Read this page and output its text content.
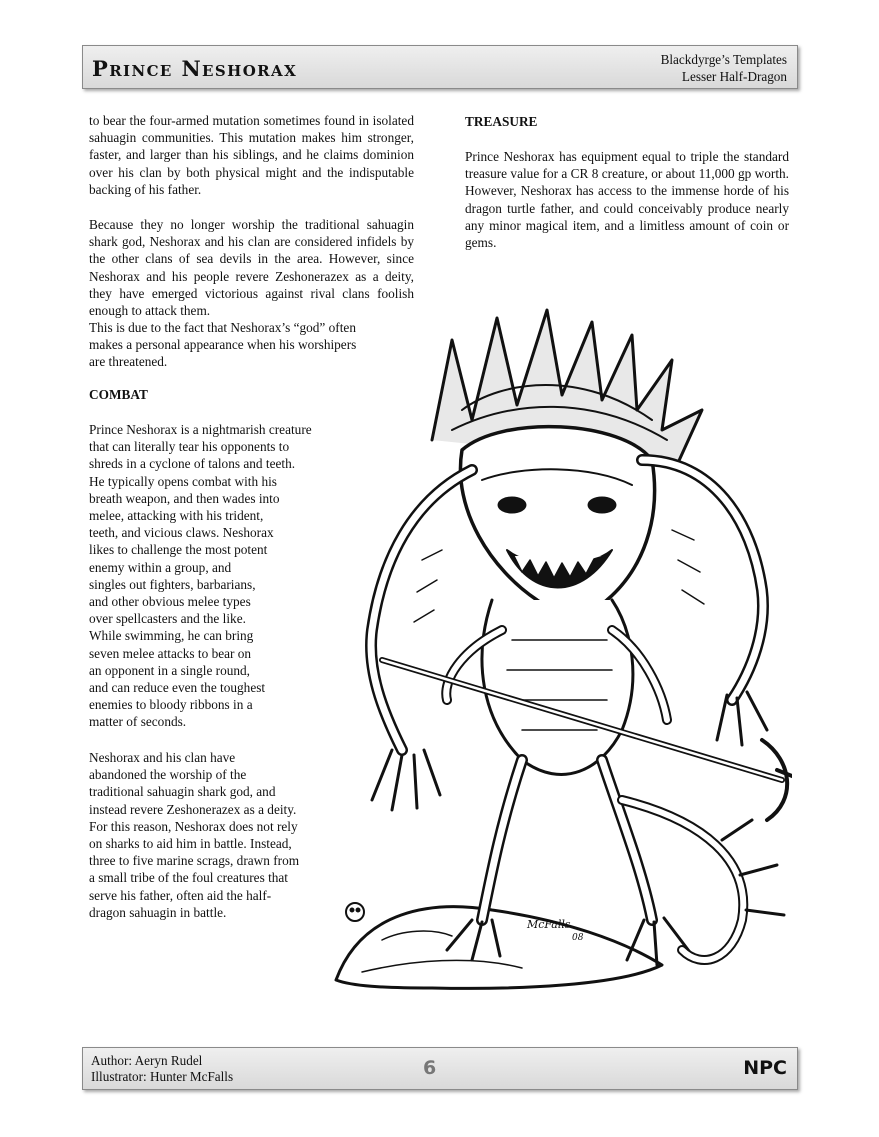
Prince Neshorax	Blackdyrge’s Templates
Lesser Half-Dragon

to bear the four-armed mutation sometimes found in isolated sahuagin communities. This mutation makes him stronger, faster, and larger than his siblings, and he claims dominion over his clan by both physical might and the indisputable backing of his father.

Because they no longer worship the traditional sahuagin shark god, Neshorax and his clan are considered infidels by the other clans of sea devils in the area. However, since Neshorax and his people revere Zeshonerazex as a deity, they have emerged victorious against rival clans foolish enough to attack them.

This is due to the fact that Neshorax’s “god” often
makes a personal appearance when his worshipers
are threatened.
COMBAT
Prince Neshorax is a nightmarish creature
that can literally tear his opponents to
shreds in a cyclone of talons and teeth.
He typically opens combat with his
breath weapon, and then wades into
melee, attacking with his trident,
teeth, and vicious claws. Neshorax
likes to challenge the most potent
enemy within a group, and
singles out fighters, barbarians,
and other obvious melee types
over spellcasters and the like.
While swimming, he can bring
seven melee attacks to bear on
an opponent in a single round,
and can reduce even the toughest
enemies to bloody ribbons in a
matter of seconds.
Neshorax and his clan have
abandoned the worship of the
traditional sahuagin shark god, and
instead revere Zeshonerazex as a deity.
For this reason, Neshorax does not rely
on sharks to aid him in battle. Instead,
three to five marine scrags, drawn from
a small tribe of the foul creatures that
serve his father, often aid the half-
dragon sahuagin in battle.
TREASURE

Prince Neshorax has equipment equal to triple the standard treasure value for a CR 8 creature, or about 11,000 gp worth. However, Neshorax has access to the immense horde of his dragon turtle father, and could conceivably produce nearly any minor magical item, and a limitless amount of coin or gems.

McFalls
08
Author: Aeryn Rudel
Illustrator: Hunter McFalls	6	NPC
